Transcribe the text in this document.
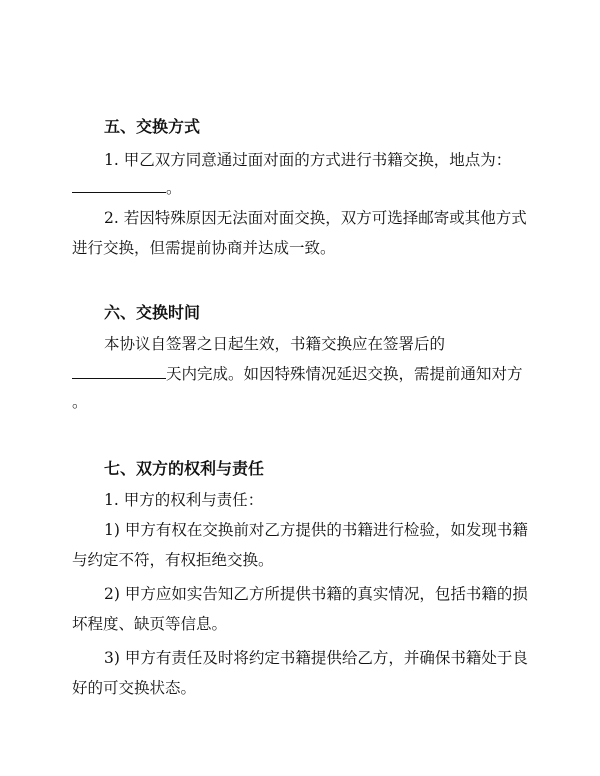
五、交换方式
1. 甲乙双方同意通过面对面的方式进行书籍交换，地点为：
。
2. 若因特殊原因无法面对面交换，双方可选择邮寄或其他方式
进行交换，但需提前协商并达成一致。
六、交换时间
本协议自签署之日起生效，书籍交换应在签署后的
天内完成。如因特殊情况延迟交换，需提前通知对方
。
七、双方的权利与责任
1. 甲方的权利与责任：
1) 甲方有权在交换前对乙方提供的书籍进行检验，如发现书籍
与约定不符，有权拒绝交换。
2) 甲方应如实告知乙方所提供书籍的真实情况，包括书籍的损
坏程度、缺页等信息。
3) 甲方有责任及时将约定书籍提供给乙方，并确保书籍处于良
好的可交换状态。
